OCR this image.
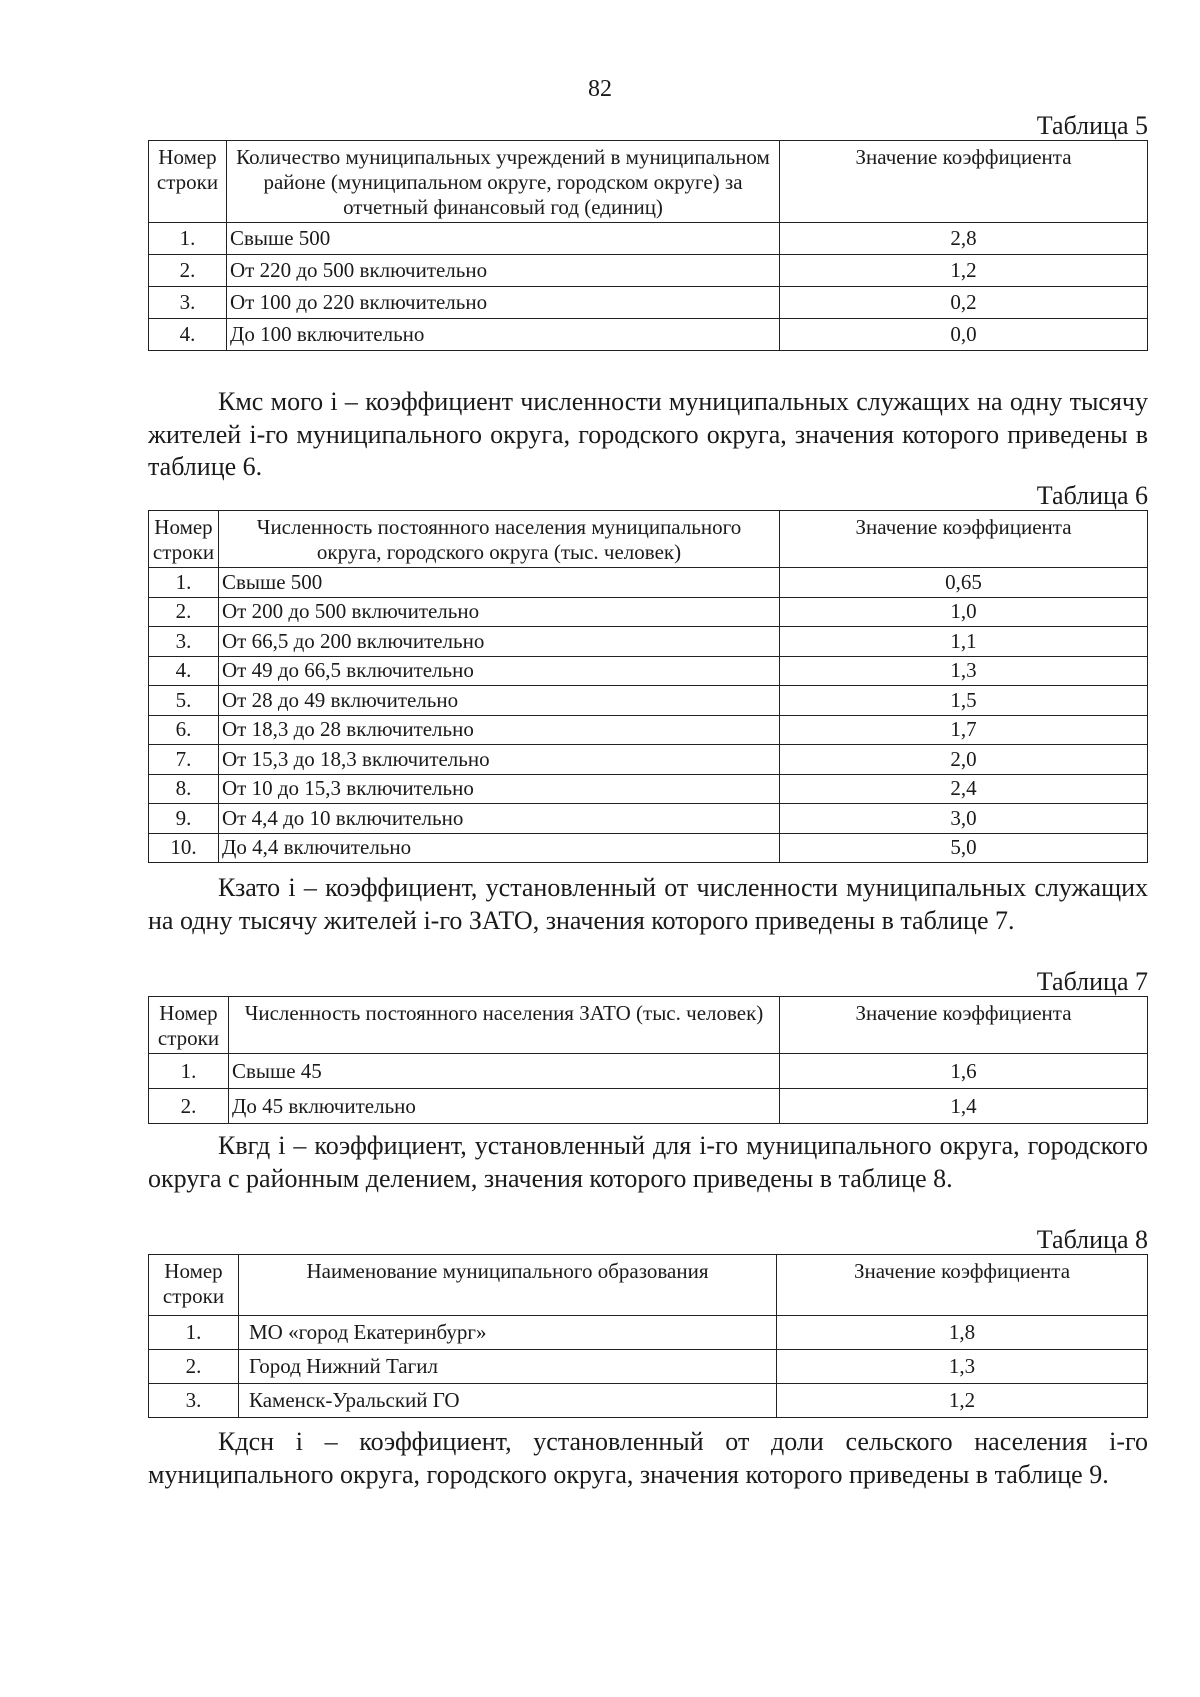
82
Таблица 5
Номер строки	Количество муниципальных учреждений в муниципальном районе (муниципальном округе, городском округе) за отчетный финансовый год (единиц)	Значение коэффициента
1.	Свыше 500	2,8
2.	От 220 до 500 включительно	1,2
3.	От 100 до 220 включительно	0,2
4.	До 100 включительно	0,0

Кмс мого i – коэффициент численности муниципальных служащих на одну тысячу жителей i-го муниципального округа, городского округа, значения которого приведены в таблице 6.

Таблица 6
Номер строки	Численность постоянного населения муниципального округа, городского округа (тыс. человек)	Значение коэффициента
1.	Свыше 500	0,65
2.	От 200 до 500 включительно	1,0
3.	От 66,5 до 200 включительно	1,1
4.	От 49 до 66,5 включительно	1,3
5.	От 28 до 49 включительно	1,5
6.	От 18,3 до 28 включительно	1,7
7.	От 15,3 до 18,3 включительно	2,0
8.	От 10 до 15,3 включительно	2,4
9.	От 4,4 до 10 включительно	3,0
10.	До 4,4 включительно	5,0

Кзато i – коэффициент, установленный от численности муниципальных служащих на одну тысячу жителей i-го ЗАТО, значения которого приведены в таблице 7.

Таблица 7
Номер строки	Численность постоянного населения ЗАТО (тыс. человек)	Значение коэффициента
1.	Свыше 45	1,6
2.	До 45 включительно	1,4

Квгд i – коэффициент, установленный для i-го муниципального округа, городского округа с районным делением, значения которого приведены в таблице 8.

Таблица 8
Номер строки	Наименование муниципального образования	Значение коэффициента
1.	МО «город Екатеринбург»	1,8
2.	Город Нижний Тагил	1,3
3.	Каменск-Уральский ГО	1,2

Кдсн i – коэффициент, установленный от доли сельского населения i-го муниципального округа, городского округа, значения которого приведены в таблице 9.
